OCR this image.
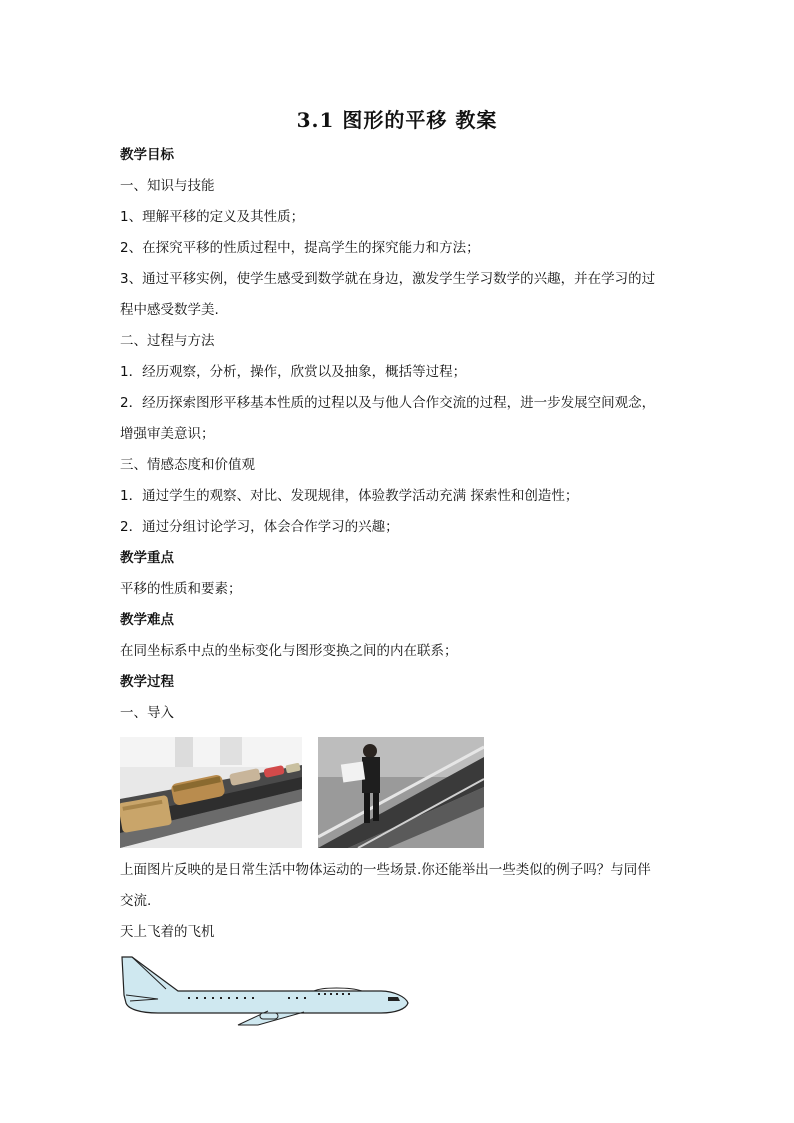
3.1 图形的平移 教案
教学目标
一、知识与技能
1、理解平移的定义及其性质；
2、在探究平移的性质过程中，提高学生的探究能力和方法；
3、通过平移实例，使学生感受到数学就在身边，激发学生学习数学的兴趣，并在学习的过
程中感受数学美.
二、过程与方法
1．经历观察，分析，操作，欣赏以及抽象，概括等过程；
2．经历探索图形平移基本性质的过程以及与他人合作交流的过程，进一步发展空间观念，
增强审美意识；
三、情感态度和价值观
1．通过学生的观察、对比、发现规律，体验教学活动充满 探索性和创造性；
2．通过分组讨论学习，体会合作学习的兴趣；
教学重点
平移的性质和要素；
教学难点
在同坐标系中点的坐标变化与图形变换之间的内在联系；
教学过程
一、导入
上面图片反映的是日常生活中物体运动的一些场景.你还能举出一些类似的例子吗？与同伴
交流.
天上飞着的飞机
